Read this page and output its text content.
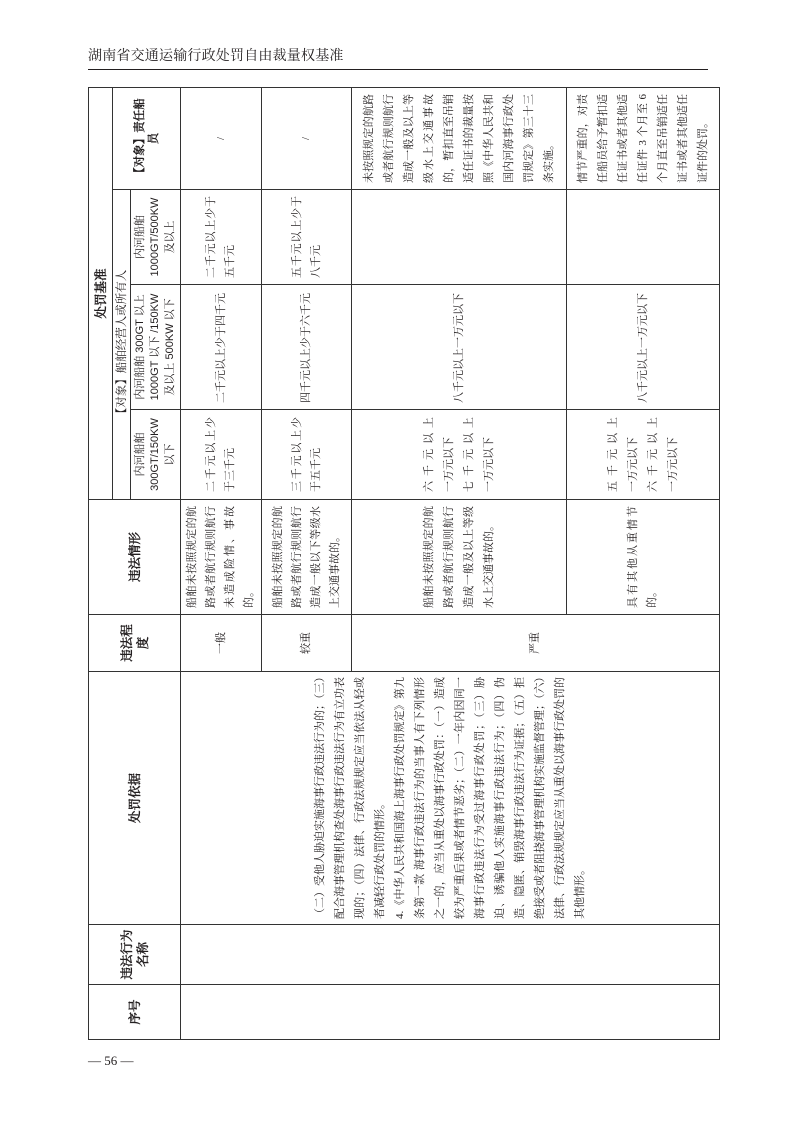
湖南省交通运输行政处罚自由裁量权基准
序号	违法行为名称	处罚依据	违法程度	违法情形	处罚基准			
					【对象】船舶经营人或所有人			【对象】责任船员

					内河船舶 300GT/150KW 以下	内河船舶 300GT 以上 1000GT 以下 /150KW 及以上 500KW 以下	内河船舶 1000GT/500KW 及以上	

		（二）受他人胁迫实施海事行政违法行为的；（三）配合海事管理机构查处海事行政违法行为有立功表现的；（四）法律、行政法规规定应当依法从轻或者减轻行政处罚的情形。 4.《中华人民共和国海上海事行政处罚规定》第九条第一款 海事行政违法行为的当事人有下列情形之一的，应当从重处以海事行政处罚：（一）造成较为严重后果或者情节恶劣；（二）一年内因同一海事行政违法行为受过海事行政处罚；（三）胁迫、诱骗他人实施海事行政违法行为；（四）伪造、隐匿、销毁海事行政违法行为证据；（五）拒绝接受或者阻挠海事管理机构实施监督管理；（六）法律、行政法规规定应当从重处以海事行政处罚的其他情形。	一般	船舶未按照规定的航路或者航行规则航行未造成险情、事故的。	二千元以上少于三千元	二千元以上少于四千元	二千元以上少于五千元	/
			较重	船舶未按照规定的航路或者航行规则航行造成一般以下等级水上交通事故的。	三千元以上少于五千元	四千元以上少于六千元	五千元以上少于八千元	/
			严重	船舶未按照规定的航路或者航行规则航行造成一般及以上等级水上交通事故的。	六千元以上 一万元以下 七千元以上 一万元以下	八千元以上一万元以下		未按照规定的航路或者航行规则航行造成一般及以上等级水上交通事故的，暂扣直至吊销适任证书的裁量按照《中华人民共和国内河海事行政处罚规定》第三十三条实施。
				具有其他从重情节的。	五千元以上 一万元以下 六千元以上 一万元以下	八千元以上一万元以下		情节严重的，对责任船员给予暂扣适任证书或者其他适任证件 3 个月至 6 个月直至吊销适任证书或者其他适任证件的处罚。
— 56 —
